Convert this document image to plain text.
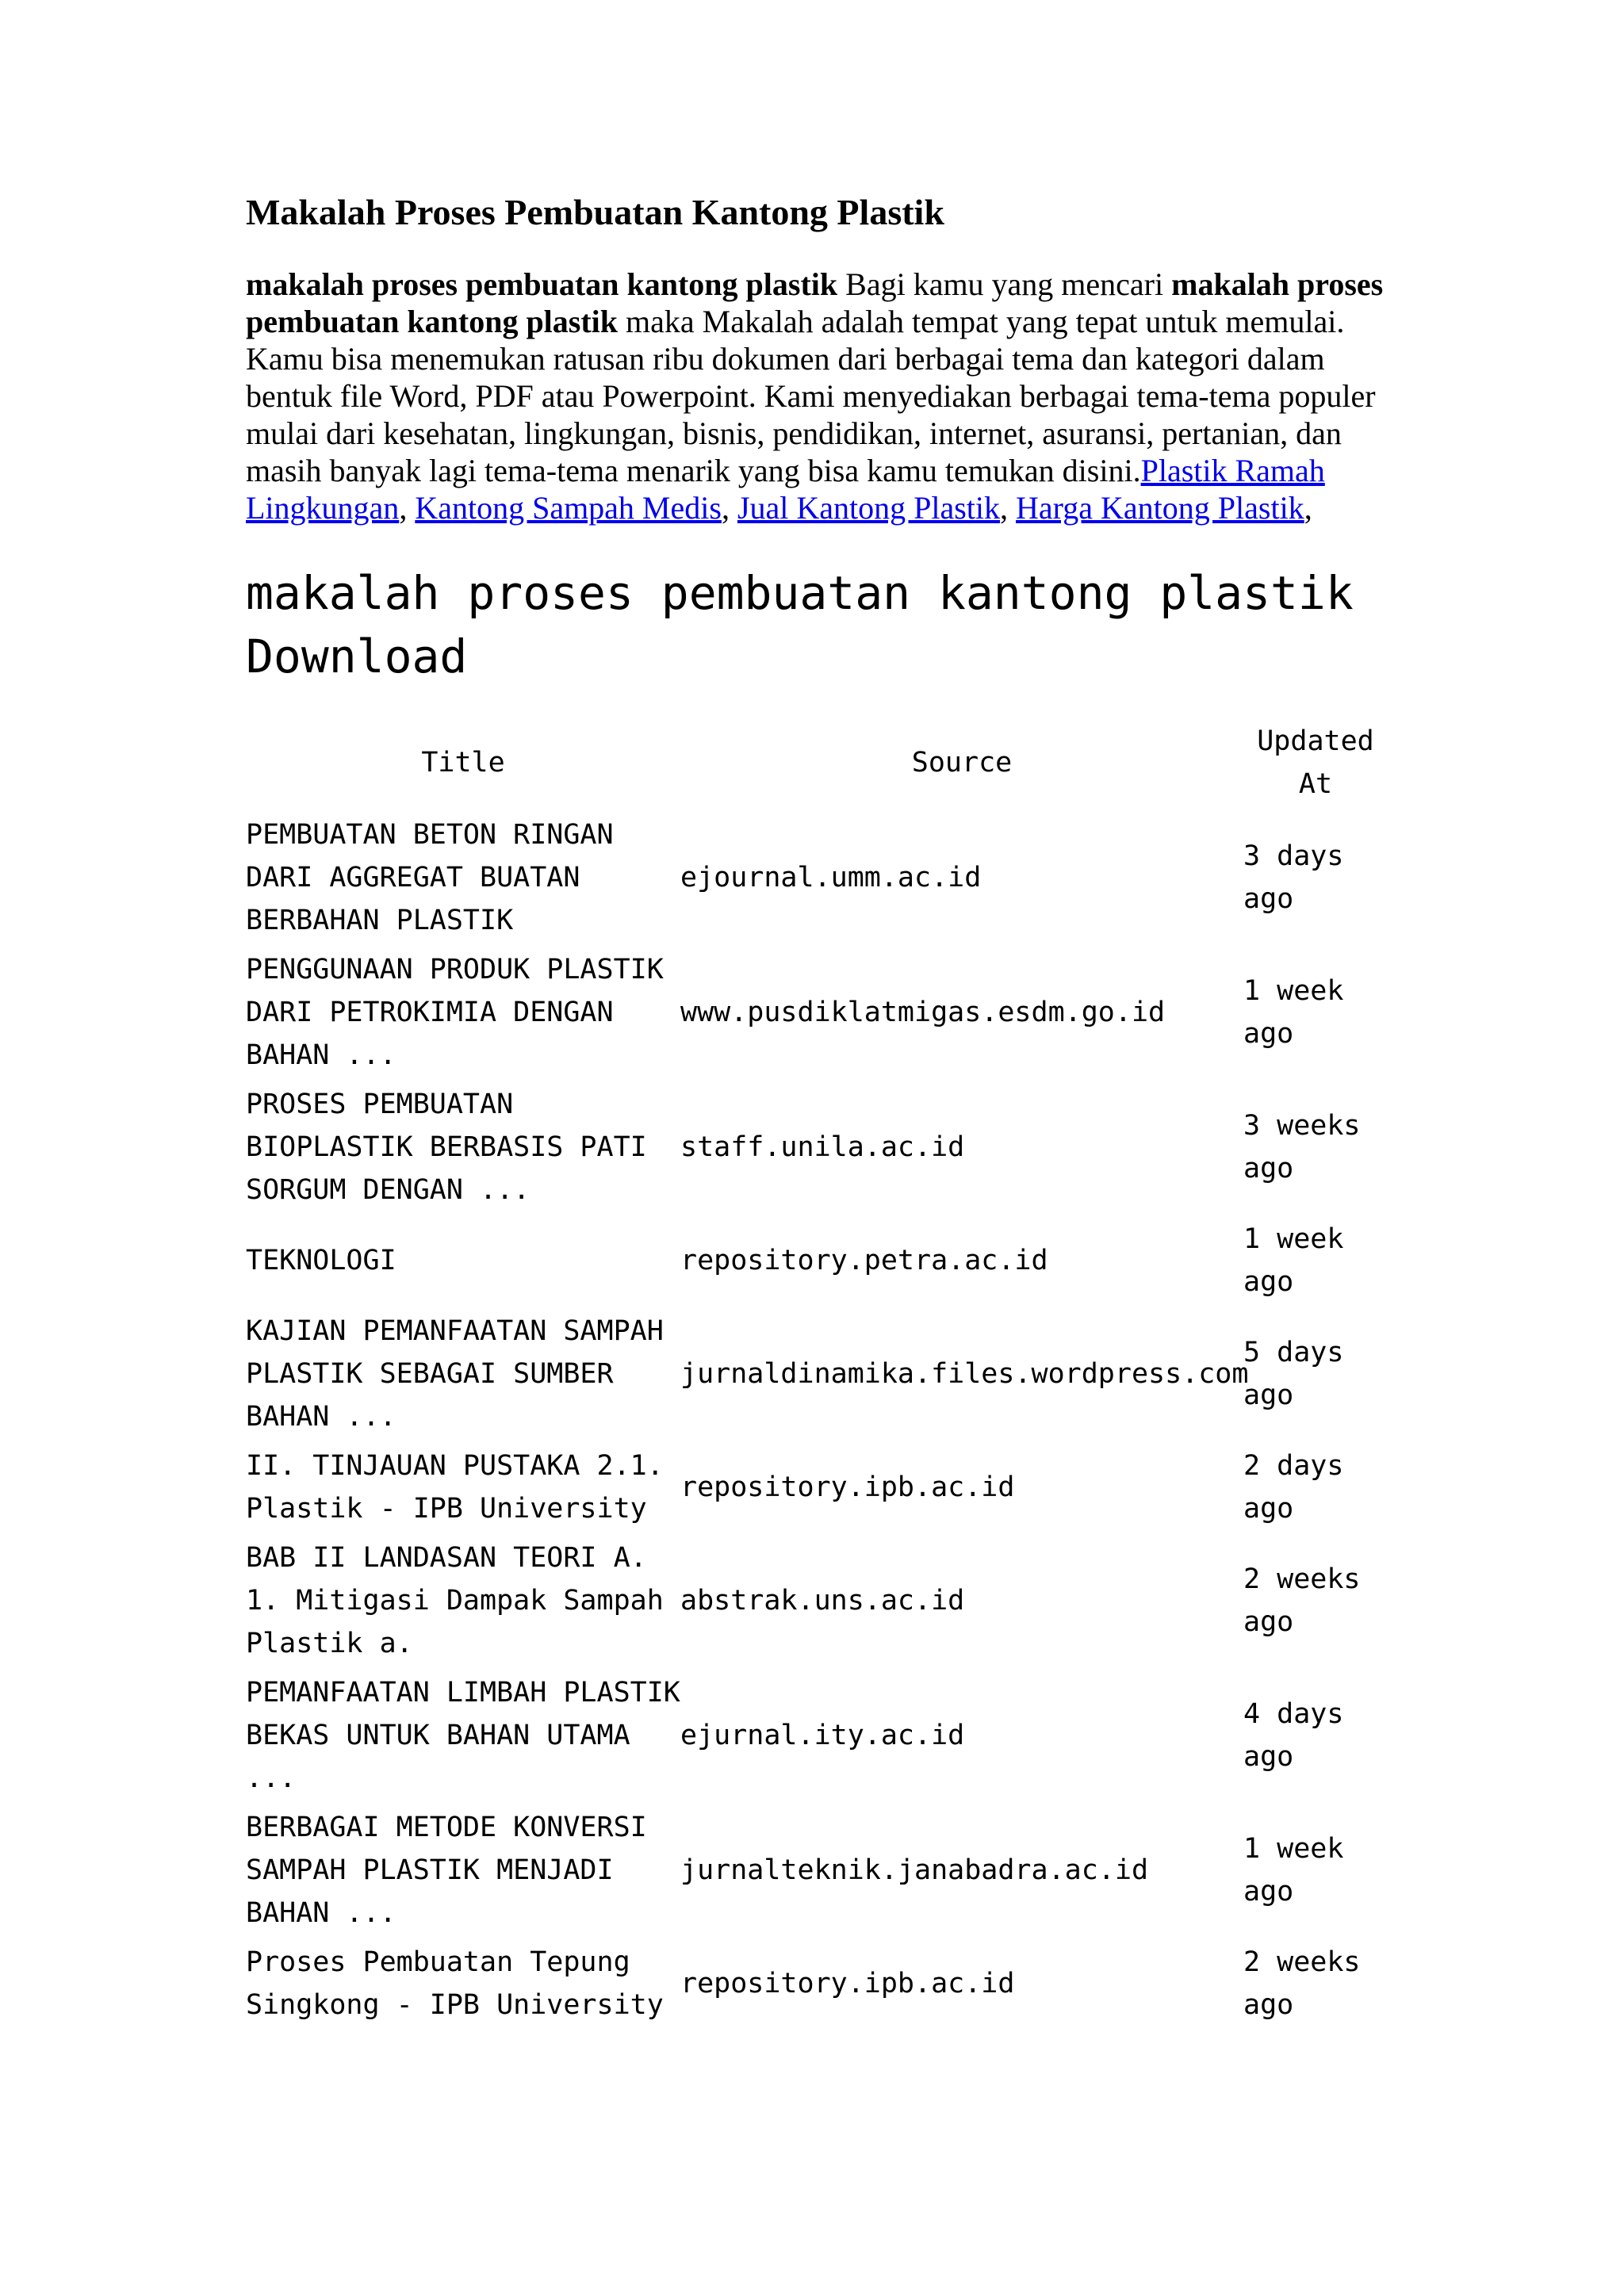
Makalah Proses Pembuatan Kantong Plastik

makalah proses pembuatan kantong plastik Bagi kamu yang mencari makalah proses pembuatan kantong plastik maka Makalah adalah tempat yang tepat untuk memulai. Kamu bisa menemukan ratusan ribu dokumen dari berbagai tema dan kategori dalam bentuk file Word, PDF atau Powerpoint. Kami menyediakan berbagai tema-tema populer mulai dari kesehatan, lingkungan, bisnis, pendidikan, internet, asuransi, pertanian, dan masih banyak lagi tema-tema menarik yang bisa kamu temukan disini.Plastik Ramah Lingkungan, Kantong Sampah Medis, Jual Kantong Plastik, Harga Kantong Plastik,

makalah proses pembuatan kantong plastik Download
Title	Source	Updated At
PEMBUATAN BETON RINGAN DARI AGGREGAT BUATAN BERBAHAN PLASTIK	ejournal.umm.ac.id	3 days ago
PENGGUNAAN PRODUK PLASTIK DARI PETROKIMIA DENGAN BAHAN ...	www.pusdiklatmigas.esdm.go.id	1 week ago
PROSES PEMBUATAN BIOPLASTIK BERBASIS PATI SORGUM DENGAN ...	staff.unila.ac.id	3 weeks ago
TEKNOLOGI	repository.petra.ac.id	1 week ago
KAJIAN PEMANFAATAN SAMPAH PLASTIK SEBAGAI SUMBER BAHAN ...	jurnaldinamika.files.wordpress.com	5 days ago
II. TINJAUAN PUSTAKA 2.1. Plastik - IPB University	repository.ipb.ac.id	2 days ago
BAB II LANDASAN TEORI A. 1. Mitigasi Dampak Sampah Plastik a.	abstrak.uns.ac.id	2 weeks ago
PEMANFAATAN LIMBAH PLASTIK BEKAS UNTUK BAHAN UTAMA ...	ejurnal.ity.ac.id	4 days ago
BERBAGAI METODE KONVERSI SAMPAH PLASTIK MENJADI BAHAN ...	jurnalteknik.janabadra.ac.id	1 week ago
Proses Pembuatan Tepung Singkong - IPB University	repository.ipb.ac.id	2 weeks ago
